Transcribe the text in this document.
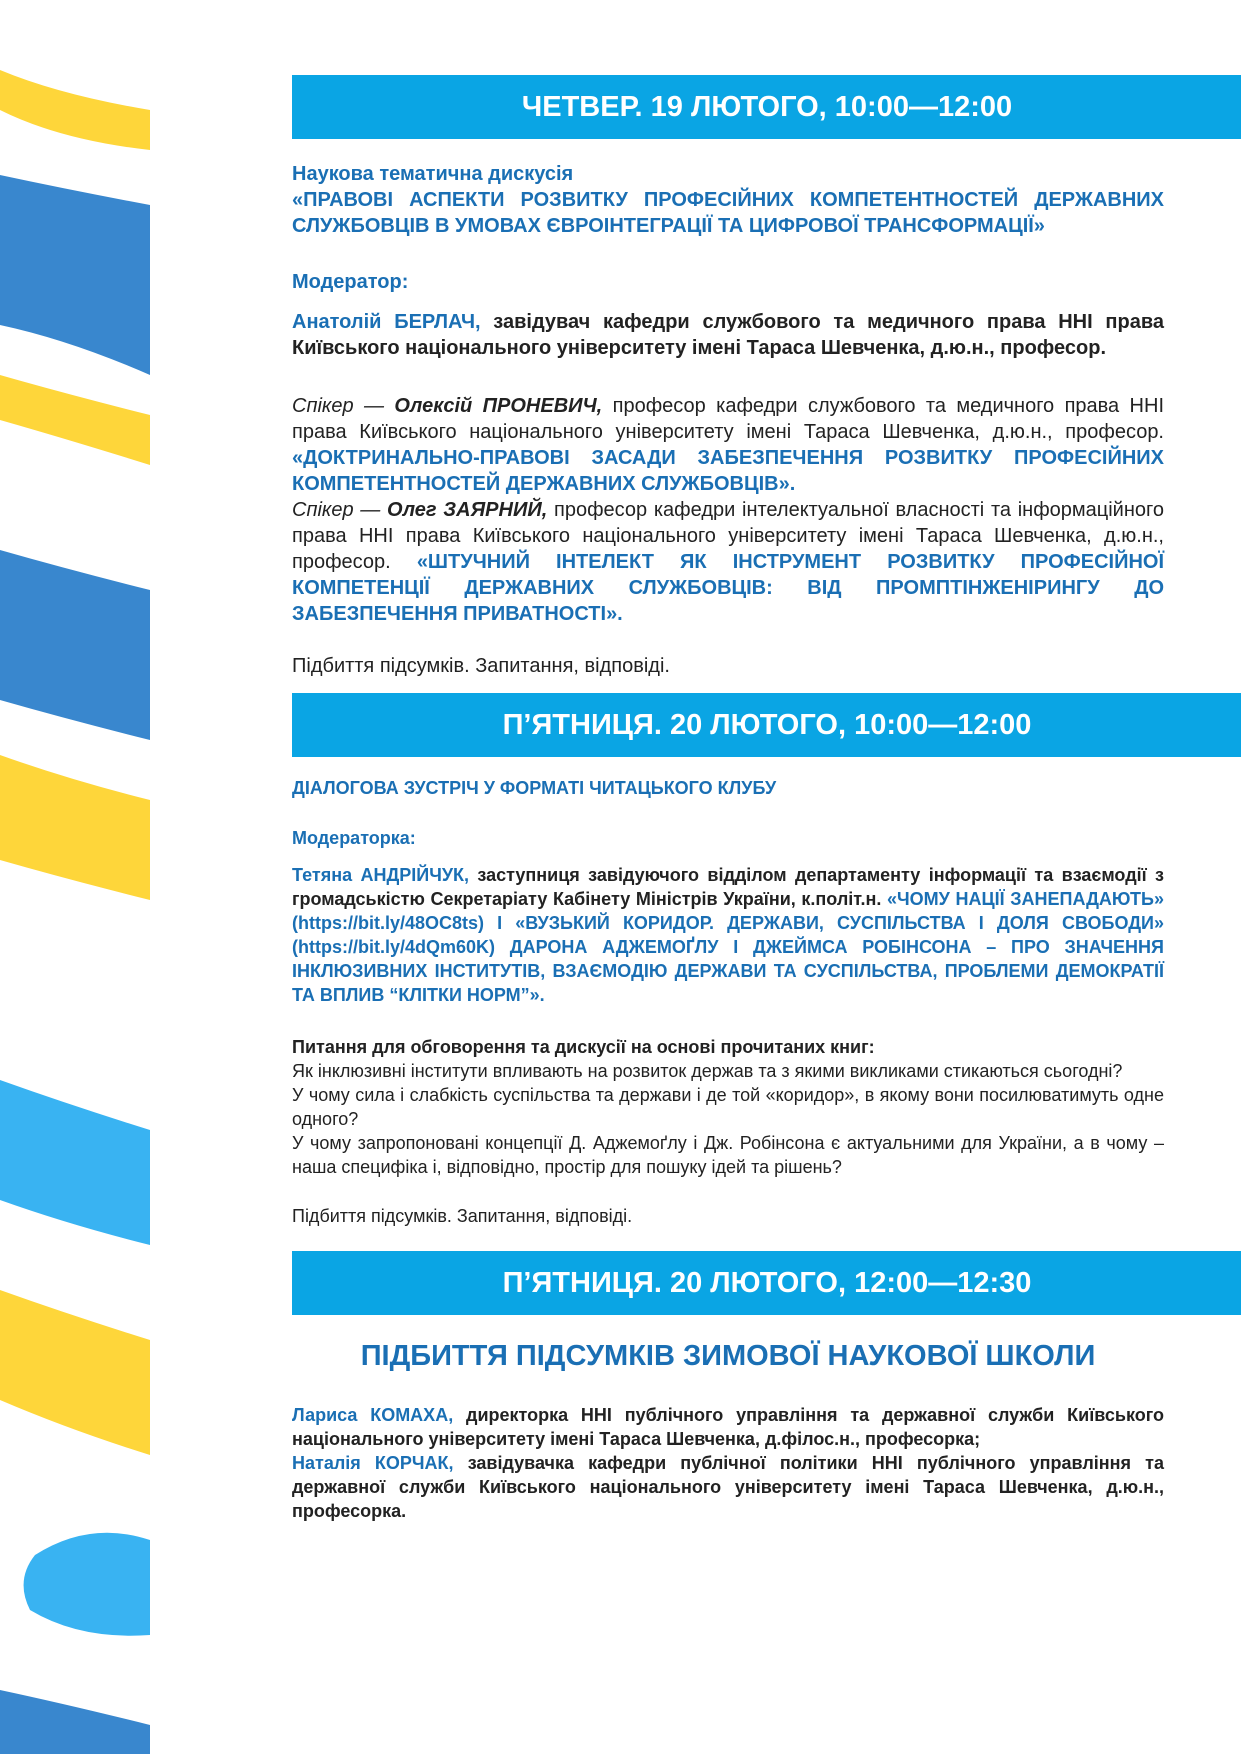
ЧЕТВЕР. 19 ЛЮТОГО, 10:00—12:00

Наукова тематична дискусія

«ПРАВОВІ АСПЕКТИ РОЗВИТКУ ПРОФЕСІЙНИХ КОМПЕТЕНТНОСТЕЙ ДЕРЖАВНИХ СЛУЖБОВЦІВ В УМОВАХ ЄВРОІНТЕГРАЦІЇ ТА ЦИФРОВОЇ ТРАНСФОРМАЦІЇ»

Модератор:

Анатолій БЕРЛАЧ, завідувач кафедри службового та медичного права ННІ права Київського національного університету імені Тараса Шевченка, д.ю.н., професор.

Спікер — Олексій ПРОНЕВИЧ, професор кафедри службового та медичного права ННІ права Київського національного університету імені Тараса Шевченка, д.ю.н., професор. «ДОКТРИНАЛЬНО-ПРАВОВІ ЗАСАДИ ЗАБЕЗПЕЧЕННЯ РОЗВИТКУ ПРОФЕСІЙНИХ КОМПЕТЕНТНОСТЕЙ ДЕРЖАВНИХ СЛУЖБОВЦІВ».

Спікер — Олег ЗАЯРНИЙ, професор кафедри інтелектуальної власності та інформаційного права ННІ права Київського національного університету імені Тараса Шевченка, д.ю.н., професор. «ШТУЧНИЙ ІНТЕЛЕКТ ЯК ІНСТРУМЕНТ РОЗВИТКУ ПРОФЕСІЙНОЇ КОМПЕТЕНЦІЇ ДЕРЖАВНИХ СЛУЖБОВЦІВ: ВІД ПРОМПТІНЖЕНІРИНГУ ДО ЗАБЕЗПЕЧЕННЯ ПРИВАТНОСТІ».

Підбиття підсумків. Запитання, відповіді.

П’ЯТНИЦЯ. 20 ЛЮТОГО, 10:00—12:00

ДІАЛОГОВА ЗУСТРІЧ У ФОРМАТІ ЧИТАЦЬКОГО КЛУБУ

Модераторка:

Тетяна АНДРІЙЧУК, заступниця завідуючого відділом департаменту інформації та взаємодії з громадськістю Секретаріату Кабінету Міністрів України, к.політ.н. «ЧОМУ НАЦІЇ ЗАНЕПАДАЮТЬ» (https://bit.ly/48OC8ts) І «ВУЗЬКИЙ КОРИДОР. ДЕРЖАВИ, СУСПІЛЬСТВА І ДОЛЯ СВОБОДИ» (https://bit.ly/4dQm60K) ДАРОНА АДЖЕМОҐЛУ І ДЖЕЙМСА РОБІНСОНА – ПРО ЗНАЧЕННЯ ІНКЛЮЗИВНИХ ІНСТИТУТІВ, ВЗАЄМОДІЮ ДЕРЖАВИ ТА СУСПІЛЬСТВА, ПРОБЛЕМИ ДЕМОКРАТІЇ ТА ВПЛИВ “КЛІТКИ НОРМ”».

Питання для обговорення та дискусії на основі прочитаних книг:

Як інклюзивні інститути впливають на розвиток держав та з якими викликами стикаються сьогодні?

У чому сила і слабкість суспільства та держави і де той «коридор», в якому вони посилюватимуть одне одного?

У чому запропоновані концепції Д. Аджемоґлу і Дж. Робінсона є актуальними для України, а в чому – наша специфіка і, відповідно, простір для пошуку ідей та рішень?

Підбиття підсумків. Запитання, відповіді.

П’ЯТНИЦЯ. 20 ЛЮТОГО, 12:00—12:30
ПІДБИТТЯ ПІДСУМКІВ ЗИМОВОЇ НАУКОВОЇ ШКОЛИ

Лариса КОМАХА, директорка ННІ публічного управління та державної служби Київського національного університету імені Тараса Шевченка, д.філос.н., професорка;

Наталія КОРЧАК, завідувачка кафедри публічної політики ННІ публічного управління та державної служби Київського національного університету імені Тараса Шевченка, д.ю.н., професорка.
